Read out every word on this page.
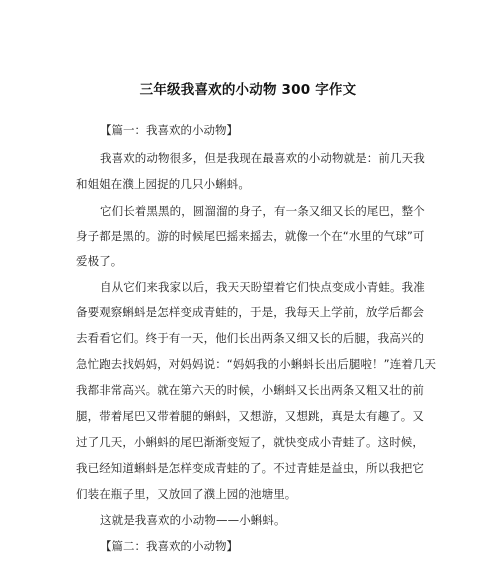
三年级我喜欢的小动物 300 字作文
【篇一：我喜欢的小动物】
我喜欢的动物很多，但是我现在最喜欢的小动物就是：前几天我
和姐姐在濮上园捉的几只小蝌蚪。
它们长着黑黑的，圆溜溜的身子，有一条又细又长的尾巴，整个
身子都是黑的。游的时候尾巴摇来摇去，就像一个在“水里的气球”可
爱极了。
自从它们来我家以后，我天天盼望着它们快点变成小青蛙。我准
备要观察蝌蚪是怎样变成青蛙的，于是，我每天上学前，放学后都会
去看看它们。终于有一天，他们长出两条又细又长的后腿，我高兴的
急忙跑去找妈妈，对妈妈说：“妈妈我的小蝌蚪长出后腿啦！”连着几天
我都非常高兴。就在第六天的时候，小蝌蚪又长出两条又粗又壮的前
腿，带着尾巴又带着腿的蝌蚪，又想游，又想跳，真是太有趣了。又
过了几天，小蝌蚪的尾巴渐渐变短了，就快变成小青蛙了。这时候，
我已经知道蝌蚪是怎样变成青蛙的了。不过青蛙是益虫，所以我把它
们装在瓶子里，又放回了濮上园的池塘里。
这就是我喜欢的小动物——小蝌蚪。
【篇二：我喜欢的小动物】
